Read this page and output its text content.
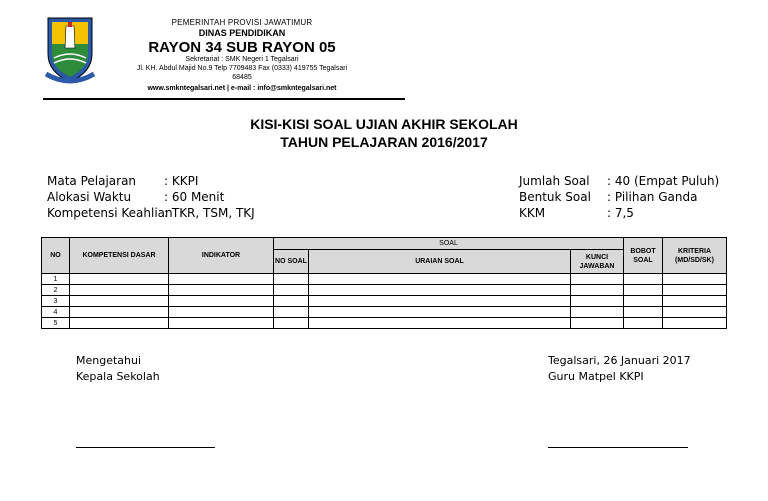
PEMERINTAH PROVISI JAWATIMUR
DINAS PENDIDIKAN
RAYON 34 SUB RAYON 05
Sekretariat : SMK Negeri 1 Tegalsari
Jl. KH. Abdul Majid No.9 Telp 7709483 Fax (0333) 419755 Tegalsari
68485
www.smkntegalsari.net | e-mail : info@smkntegalsari.net
KISI-KISI SOAL UJIAN AKHIR SEKOLAH
TAHUN PELAJARAN 2016/2017
Mata Pelajaran : KKPI
Alokasi Waktu	: 60 Menit
Kompetensi Keahlian
: TKR, TSM, TKJ
Jumlah Soal : 40 (Empat Puluh)
Bentuk Soal : Pilihan Ganda
KKM	: 7,5
NO	KOMPETENSI DASAR	INDIKATOR	SOAL			BOBOT SOAL	KRITERIA (MD/SD/SK)
			NO SOAL	URAIAN SOAL	KUNCI JAWABAN		
1							
2							
3							
4							
5							
Mengetahui
Kepala Sekolah
Tegalsari, 26 Januari 2017
Guru Matpel KKPI
